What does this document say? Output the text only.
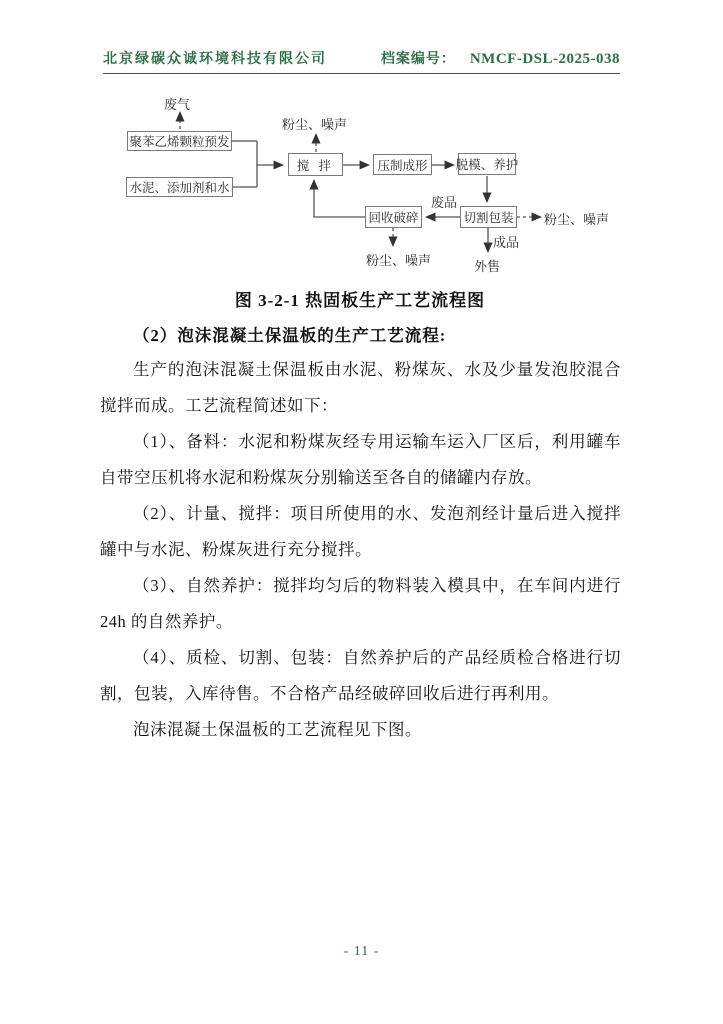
北京绿碳众诚环境科技有限公司	档案编号： NMCF-DSL-2025-038
聚苯乙烯颗粒预发
水泥、添加剂和水
搅 拌	压制成形	脱模、养护
切割包装
回收破碎
废气
粉尘、噪声
废品
粉尘、噪声
成品
外售
粉尘、噪声
图 3-2-1 热固板生产工艺流程图
（2）泡沫混凝土保温板的生产工艺流程:

生产的泡沫混凝土保温板由水泥、粉煤灰、水及少量发泡胶混合搅拌而成。工艺流程简述如下：

（1）、备料：水泥和粉煤灰经专用运输车运入厂区后，利用罐车自带空压机将水泥和粉煤灰分别输送至各自的储罐内存放。

（2）、计量、搅拌：项目所使用的水、发泡剂经计量后进入搅拌罐中与水泥、粉煤灰进行充分搅拌。

（3）、自然养护：搅拌均匀后的物料装入模具中，在车间内进行 24h 的自然养护。

（4）、质检、切割、包装：自然养护后的产品经质检合格进行切割，包装，入库待售。不合格产品经破碎回收后进行再利用。

泡沫混凝土保温板的工艺流程见下图。

- 11 -
